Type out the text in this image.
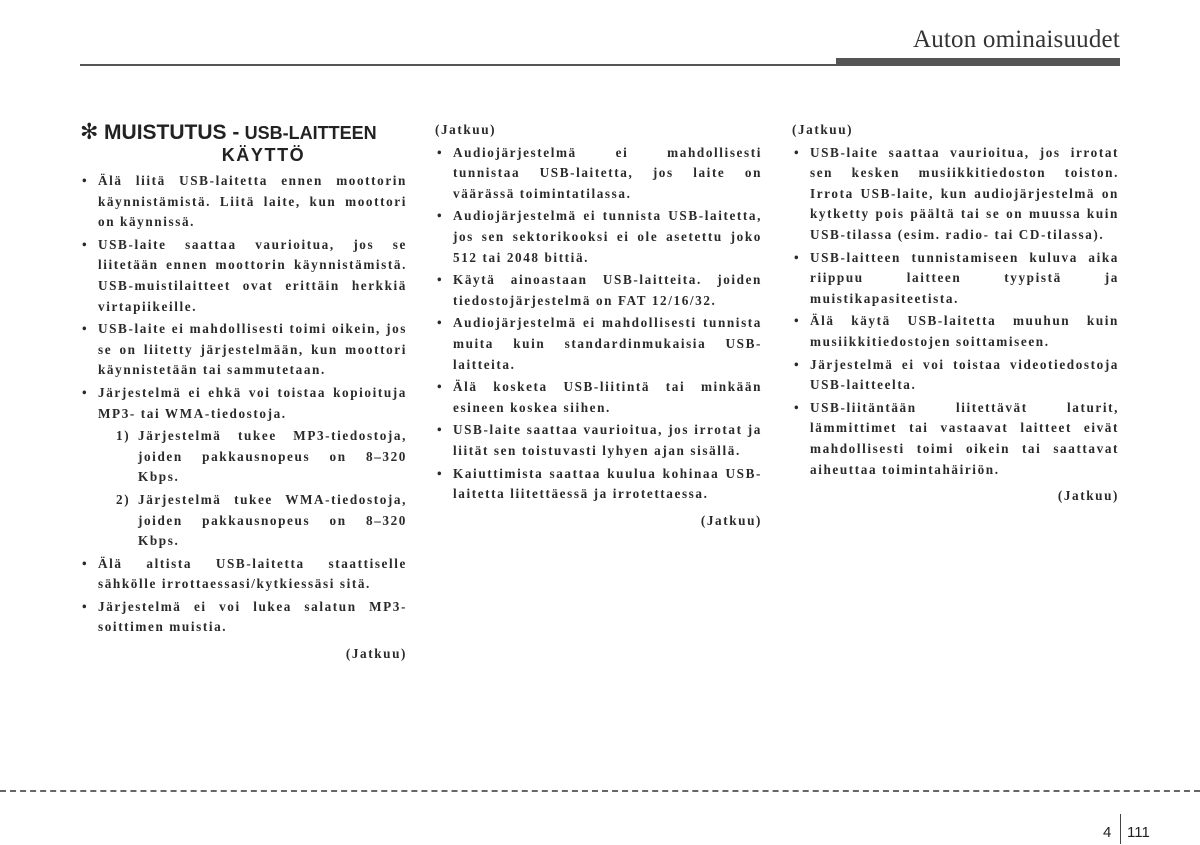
Auton ominaisuudet
✻ MUISTUTUS - USB-LAITTEEN
KÄYTTÖ
• Älä liitä USB-laitetta ennen moottorin käynnistämistä. Liitä laite, kun moottori on käynnissä.
• USB-laite saattaa vaurioitua, jos se liitetään ennen moottorin käynnistämistä. USB-muistilaitteet ovat erittäin herkkiä virtapiikeille.
• USB-laite ei mahdollisesti toimi oikein, jos se on liitetty järjestelmään, kun moottori käynnistetään tai sammutetaan.
• Järjestelmä ei ehkä voi toistaa kopioituja MP3- tai WMA-tiedostoja.
1) Järjestelmä tukee MP3-tiedostoja, joiden pakkausnopeus on 8–320 Kbps.
2) Järjestelmä tukee WMA-tiedostoja, joiden pakkausnopeus on 8–320 Kbps.
• Älä altista USB-laitetta staattiselle sähkölle irrottaessasi/kytkiessäsi sitä.
• Järjestelmä ei voi lukea salatun MP3-soittimen muistia.
(Jatkuu)
(Jatkuu)
• Audiojärjestelmä ei mahdollisesti tunnistaa USB-laitetta, jos laite on väärässä toimintatilassa.
• Audiojärjestelmä ei tunnista USB-laitetta, jos sen sektorikooksi ei ole asetettu joko 512 tai 2048 bittiä.
• Käytä ainoastaan USB-laitteita. joiden tiedostojärjestelmä on FAT 12/16/32.
• Audiojärjestelmä ei mahdollisesti tunnista muita kuin standardinmukaisia USB-laitteita.
• Älä kosketa USB-liitintä tai minkään esineen koskea siihen.
• USB-laite saattaa vaurioitua, jos irrotat ja liität sen toistuvasti lyhyen ajan sisällä.
• Kaiuttimista saattaa kuulua kohinaa USB-laitetta liitettäessä ja irrotettaessa.
(Jatkuu)
(Jatkuu)
• USB-laite saattaa vaurioitua, jos irrotat sen kesken musiikkitiedoston toiston. Irrota USB-laite, kun audiojärjestelmä on kytketty pois päältä tai se on muussa kuin USB-tilassa (esim. radio- tai CD-tilassa).
• USB-laitteen tunnistamiseen kuluva aika riippuu laitteen tyypistä ja muistikapasiteetista.
• Älä käytä USB-laitetta muuhun kuin musiikkitiedostojen soittamiseen.
• Järjestelmä ei voi toistaa videotiedostoja USB-laitteelta.
• USB-liitäntään liitettävät laturit, lämmittimet tai vastaavat laitteet eivät mahdollisesti toimi oikein tai saattavat aiheuttaa toimintahäiriön.
(Jatkuu)
4 111
